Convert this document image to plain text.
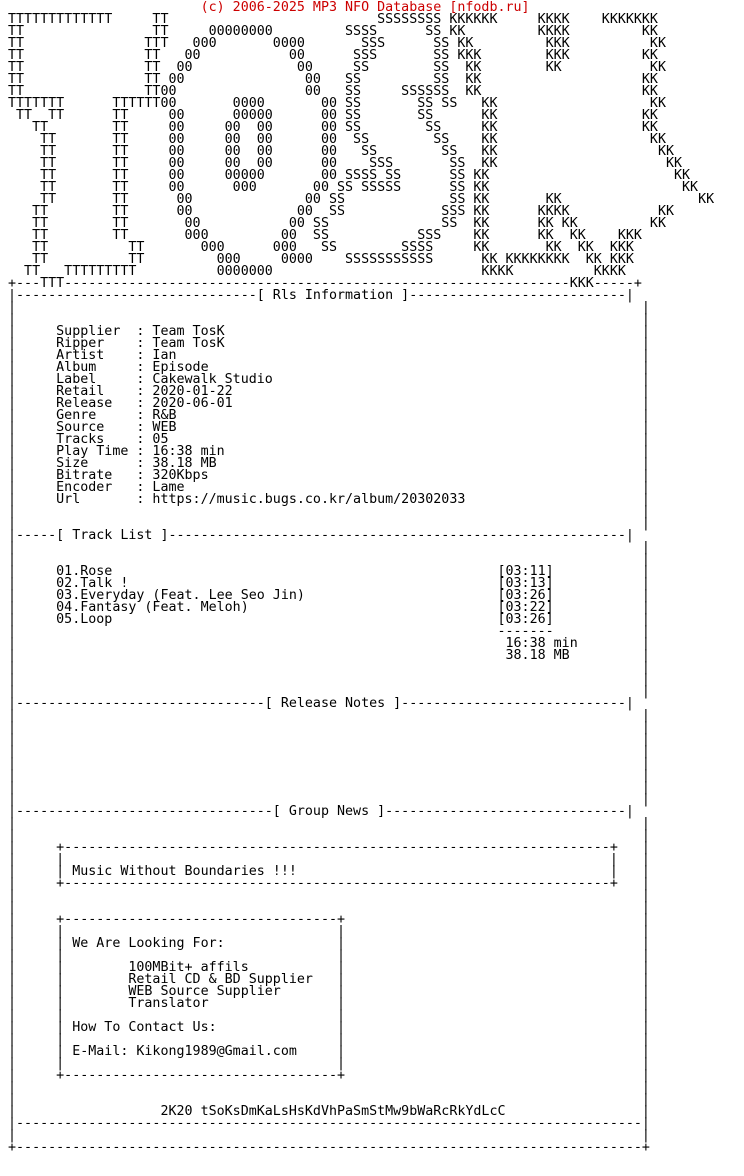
(c) 2006-2025 MP3 NFO Database [nfodb.ru]
TTTTTTTTTTTTT     TT                          SSSSSSSS KKKKKK     KKKK    KKKKKKK
TT                TT     00000000         SSSS      SS KK         KKKK         KK
TT               TTT   000       0000       SSS      SS KK         KKK          KK
TT               TT   00           00      SSS       SS KKK        KKK         KK
TT               TT  00             00     SS        SS  KK        KK           KK
TT               TT 00               00   SS         SS  KK                    KK
TT               TT00                00   SS     SSSSSS  KK                    KK
TTTTTTT      TTTTTT00       0000       00 SS       SS SS   KK                   KK
TT  TT      TT     00      00000      00 SS       SS      KK                  KK
TT        TT     00     00  00      00 SS        SS     KK                  KK
TT       TT     00     00  00      00  SS        SS    KK                   KK
TT       TT     00     00  00      00   SS        SS   KK                    KK
TT       TT     00     00  00      00    SSS       SS  KK                     KK
TT       TT     00     00000       00 SSSS SS      SS KK                       KK
TT       TT     00      000       00 SS SSSSS      SS KK                        KK
TT       TT      00              00 SS             SS KK       KK                 KK
TT        TT      00             00  SS            SSS KK      KKKK           KK
TT        TT       00           00 SS              SS  KK      KK KK         KK
TT        TT       000         00  SS           SSS    KK      KK  KK    KKK
TT          TT       000      000   SS        SSSS     KK       KK  KK  KKK
TT          TT         000     0000    SSSSSSSSSSS      KK KKKKKKKK  KK KKK
TT   TTTTTTTTT          0000000                          KKKK          KKKK
+---TTT---------------------------------------------------------------KKK-----+
|------------------------------[ Rls Information ]---------------------------|
|                                                                              |
|                                                                              |
|     Supplier  : Team TosK                                                    |
|     Ripper    : Team TosK                                                    |
|     Artist    : Ian                                                          |
|     Album     : Episode                                                      |
|     Label     : Cakewalk Studio                                              |
|     Retail    : 2020-01-22                                                   |
|     Release   : 2020-06-01                                                   |
|     Genre     : R&B                                                          |
|     Source    : WEB                                                          |
|     Tracks    : 05                                                           |
|     Play Time : 16:38 min                                                    |
|     Size      : 38.18 MB                                                     |
|     Bitrate   : 320Kbps                                                      |
|     Encoder   : Lame                                                         |
|     Url       : https://music.bugs.co.kr/album/20302033                      |
|                                                                              |
|                                                                              |
|-----[ Track List ]---------------------------------------------------------|
|                                                                              |
|                                                                              |
|     01.Rose                                                [03:11]           |
|     02.Talk !                                              [03:13]           |
|     03.Everyday (Feat. Lee Seo Jin)                        [03:26]           |
|     04.Fantasy (Feat. Meloh)                               [03:22]           |
|     05.Loop                                                [03:26]           |
|                                                            -------           |
|                                                             16:38 min        |
|                                                             38.18 MB         |
|                                                                              |
|                                                                              |
|                                                                              |
|-------------------------------[ Release Notes ]----------------------------|
|                                                                              |
|                                                                              |
|                                                                              |
|                                                                              |
|                                                                              |
|                                                                              |
|                                                                              |
|                                                                              |
|--------------------------------[ Group News ]------------------------------|
|                                                                              |
|                                                                              |
|     +--------------------------------------------------------------------+   |
|     |                                                                    |   |
|     | Music Without Boundaries !!!                                       |   |
|     +--------------------------------------------------------------------+   |
|                                                                              |
|                                                                              |
|     +----------------------------------+                                     |
|     |                                  |                                     |
|     | We Are Looking For:              |                                     |
|     |                                  |                                     |
|     |        100MBit+ affils           |                                     |
|     |        Retail CD & BD Supplier   |                                     |
|     |        WEB Source Supplier       |                                     |
|     |        Translator                |                                     |
|     |                                  |                                     |
|     | How To Contact Us:               |                                     |
|     |                                  |                                     |
|     | E-Mail: Kikong1989@Gmail.com     |                                     |
|     |                                  |                                     |
|     +----------------------------------+                                     |
|                                                                              |
|                                                                              |
|                  2K20 tSoKsDmKaLsHsKdVhPaSmStMw9bWaRcRkYdLcC                 |
|------------------------------------------------------------------------------|
|                                                                              |
+------------------------------------------------------------------------------+
